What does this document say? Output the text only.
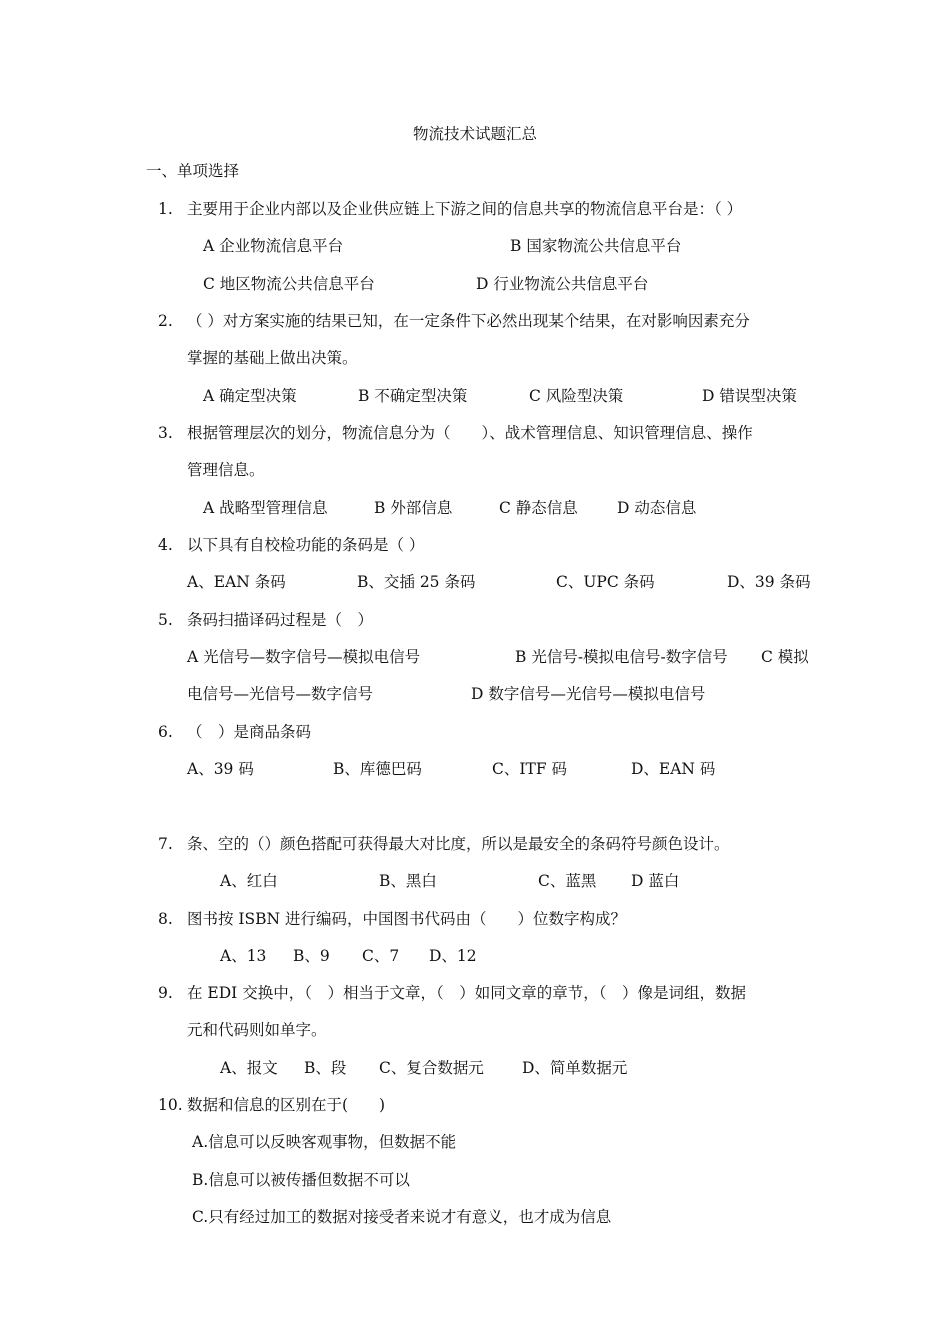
物流技术试题汇总
一、单项选择
1. 主要用于企业内部以及企业供应链上下游之间的信息共享的物流信息平台是：（ ）
A 企业物流信息平台	B 国家物流公共信息平台
C 地区物流公共信息平台	D 行业物流公共信息平台
2. （ ）对方案实施的结果已知，在一定条件下必然出现某个结果，在对影响因素充分
掌握的基础上做出决策。
A 确定型决策	B 不确定型决策	C 风险型决策	D 错误型决策
3. 根据管理层次的划分，物流信息分为（　　）、战术管理信息、知识管理信息、操作
管理信息。
A 战略型管理信息	B 外部信息	C 静态信息	D 动态信息
4. 以下具有自校检功能的条码是（ ）
A、EAN 条码	B、交插 25 条码	C、UPC 条码	D、39 条码
5. 条码扫描译码过程是（　）
A 光信号—数字信号—模拟电信号	B 光信号-模拟电信号-数字信号 C 模拟
电信号—光信号—数字信号	D 数字信号—光信号—模拟电信号
6. （　）是商品条码
A、39 码	B、库德巴码	C、ITF 码	D、EAN 码
7. 条、空的（）颜色搭配可获得最大对比度，所以是最安全的条码符号颜色设计。
A、红白	B、黑白	C、蓝黑 D 蓝白
8. 图书按 ISBN 进行编码，中国图书代码由（　　）位数字构成？
A、13 B、9 C、7 D、12
9. 在 EDI 交换中，（　）相当于文章，（　）如同文章的章节，（　）像是词组，数据
元和代码则如单字。
A、报文 B、段 C、复合数据元 D、简单数据元
10. 数据和信息的区别在于(　　)
A.信息可以反映客观事物，但数据不能
B.信息可以被传播但数据不可以
C.只有经过加工的数据对接受者来说才有意义，也才成为信息
